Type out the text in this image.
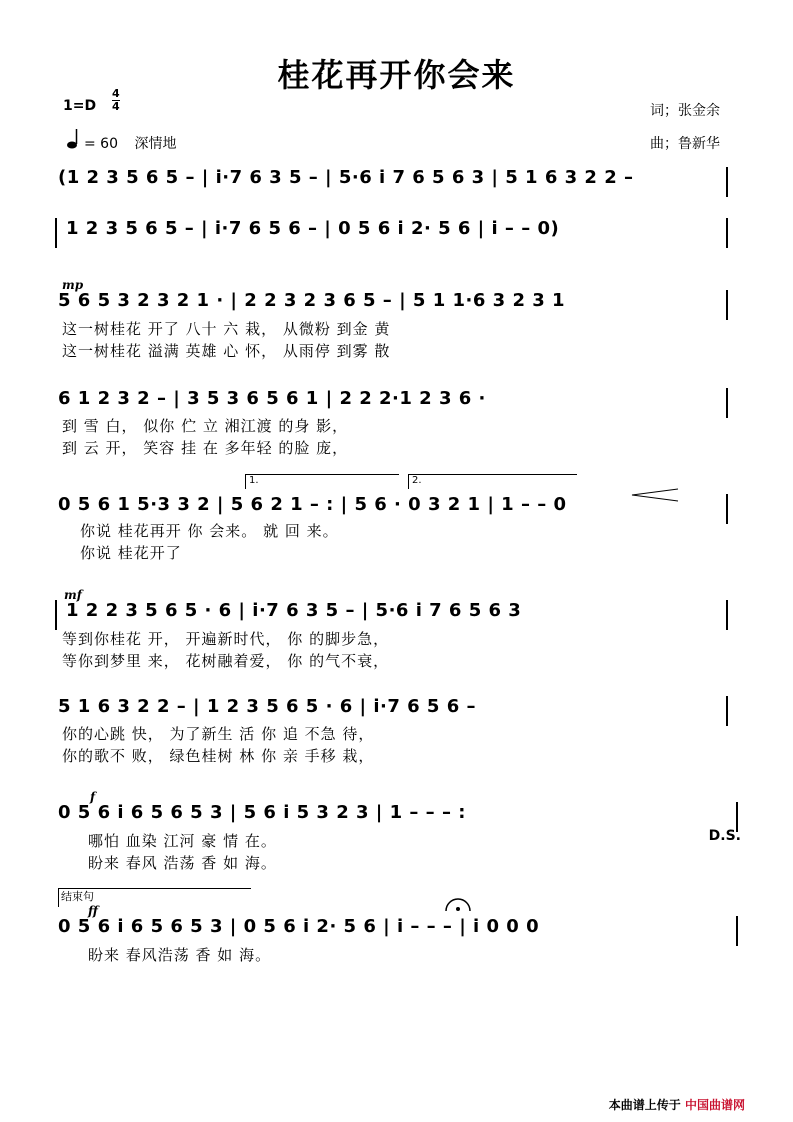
桂花再开你会来
$1=D \frac{4}{4}$	词；张金余
= 60 深情地	曲；鲁新华
(1 2 3 5 6 5 – | i·7 6 3 5 – | 5·6 i 7 6 5 6 3 | 5 1 6 3 2 2 –
1 2 3 5 6 5 – | i·7 6 5 6 – | 0 5 6 i 2· 5 6 | i – – 0)
mp
5 6 5 3 2 3 2 1 · | 2 2 3 2 3 6 5 – | 5 1 1·6 3 2 3 1
这一树桂花 开了 八十 六 栽， 从微粉 到金 黄
这一树桂花 溢满 英雄 心 怀， 从雨停 到雾 散
6 1 2 3 2 – | 3 5 3 6 5 6 1 | 2 2 2·1 2 3 6 ·
到 雪 白， 似你 伫 立 湘江渡 的身 影，
到 云 开， 笑容 挂 在 多年轻 的脸 庞，
1.	2.
0 5 6 1 5·3 3 2 | 5 6 2 1 – : | 5 6 · 0 3 2 1 | 1 – – 0
你说 桂花再开 你 会来。 就 回 来。
你说 桂花开了
mf
1 2 2 3 5 6 5 · 6 | i·7 6 3 5 – | 5·6 i 7 6 5 6 3
等到你桂花 开， 开遍新时代， 你 的脚步急，
等你到梦里 来， 花树融着爱， 你 的气不衰，
5 1 6 3 2 2 – | 1 2 3 5 6 5 · 6 | i·7 6 5 6 –
你的心跳 快， 为了新生 活 你 追 不急 待，
你的歌不 败， 绿色桂树 林 你 亲 手移 栽，
f
0 5 6 i 6 5 6 5 3 | 5 6 i 5 3 2 3 | 1 – – – :
D.S.
哪怕 血染 江河 豪 情 在。
盼来 春风 浩荡 香 如 海。
结束句
ff
0 5 6 i 6 5 6 5 3 | 0 5 6 i 2· 5 6 | i – – – | i 0 0 0
盼来 春风浩荡 香 如 海。
本曲谱上传于 中国曲谱网
